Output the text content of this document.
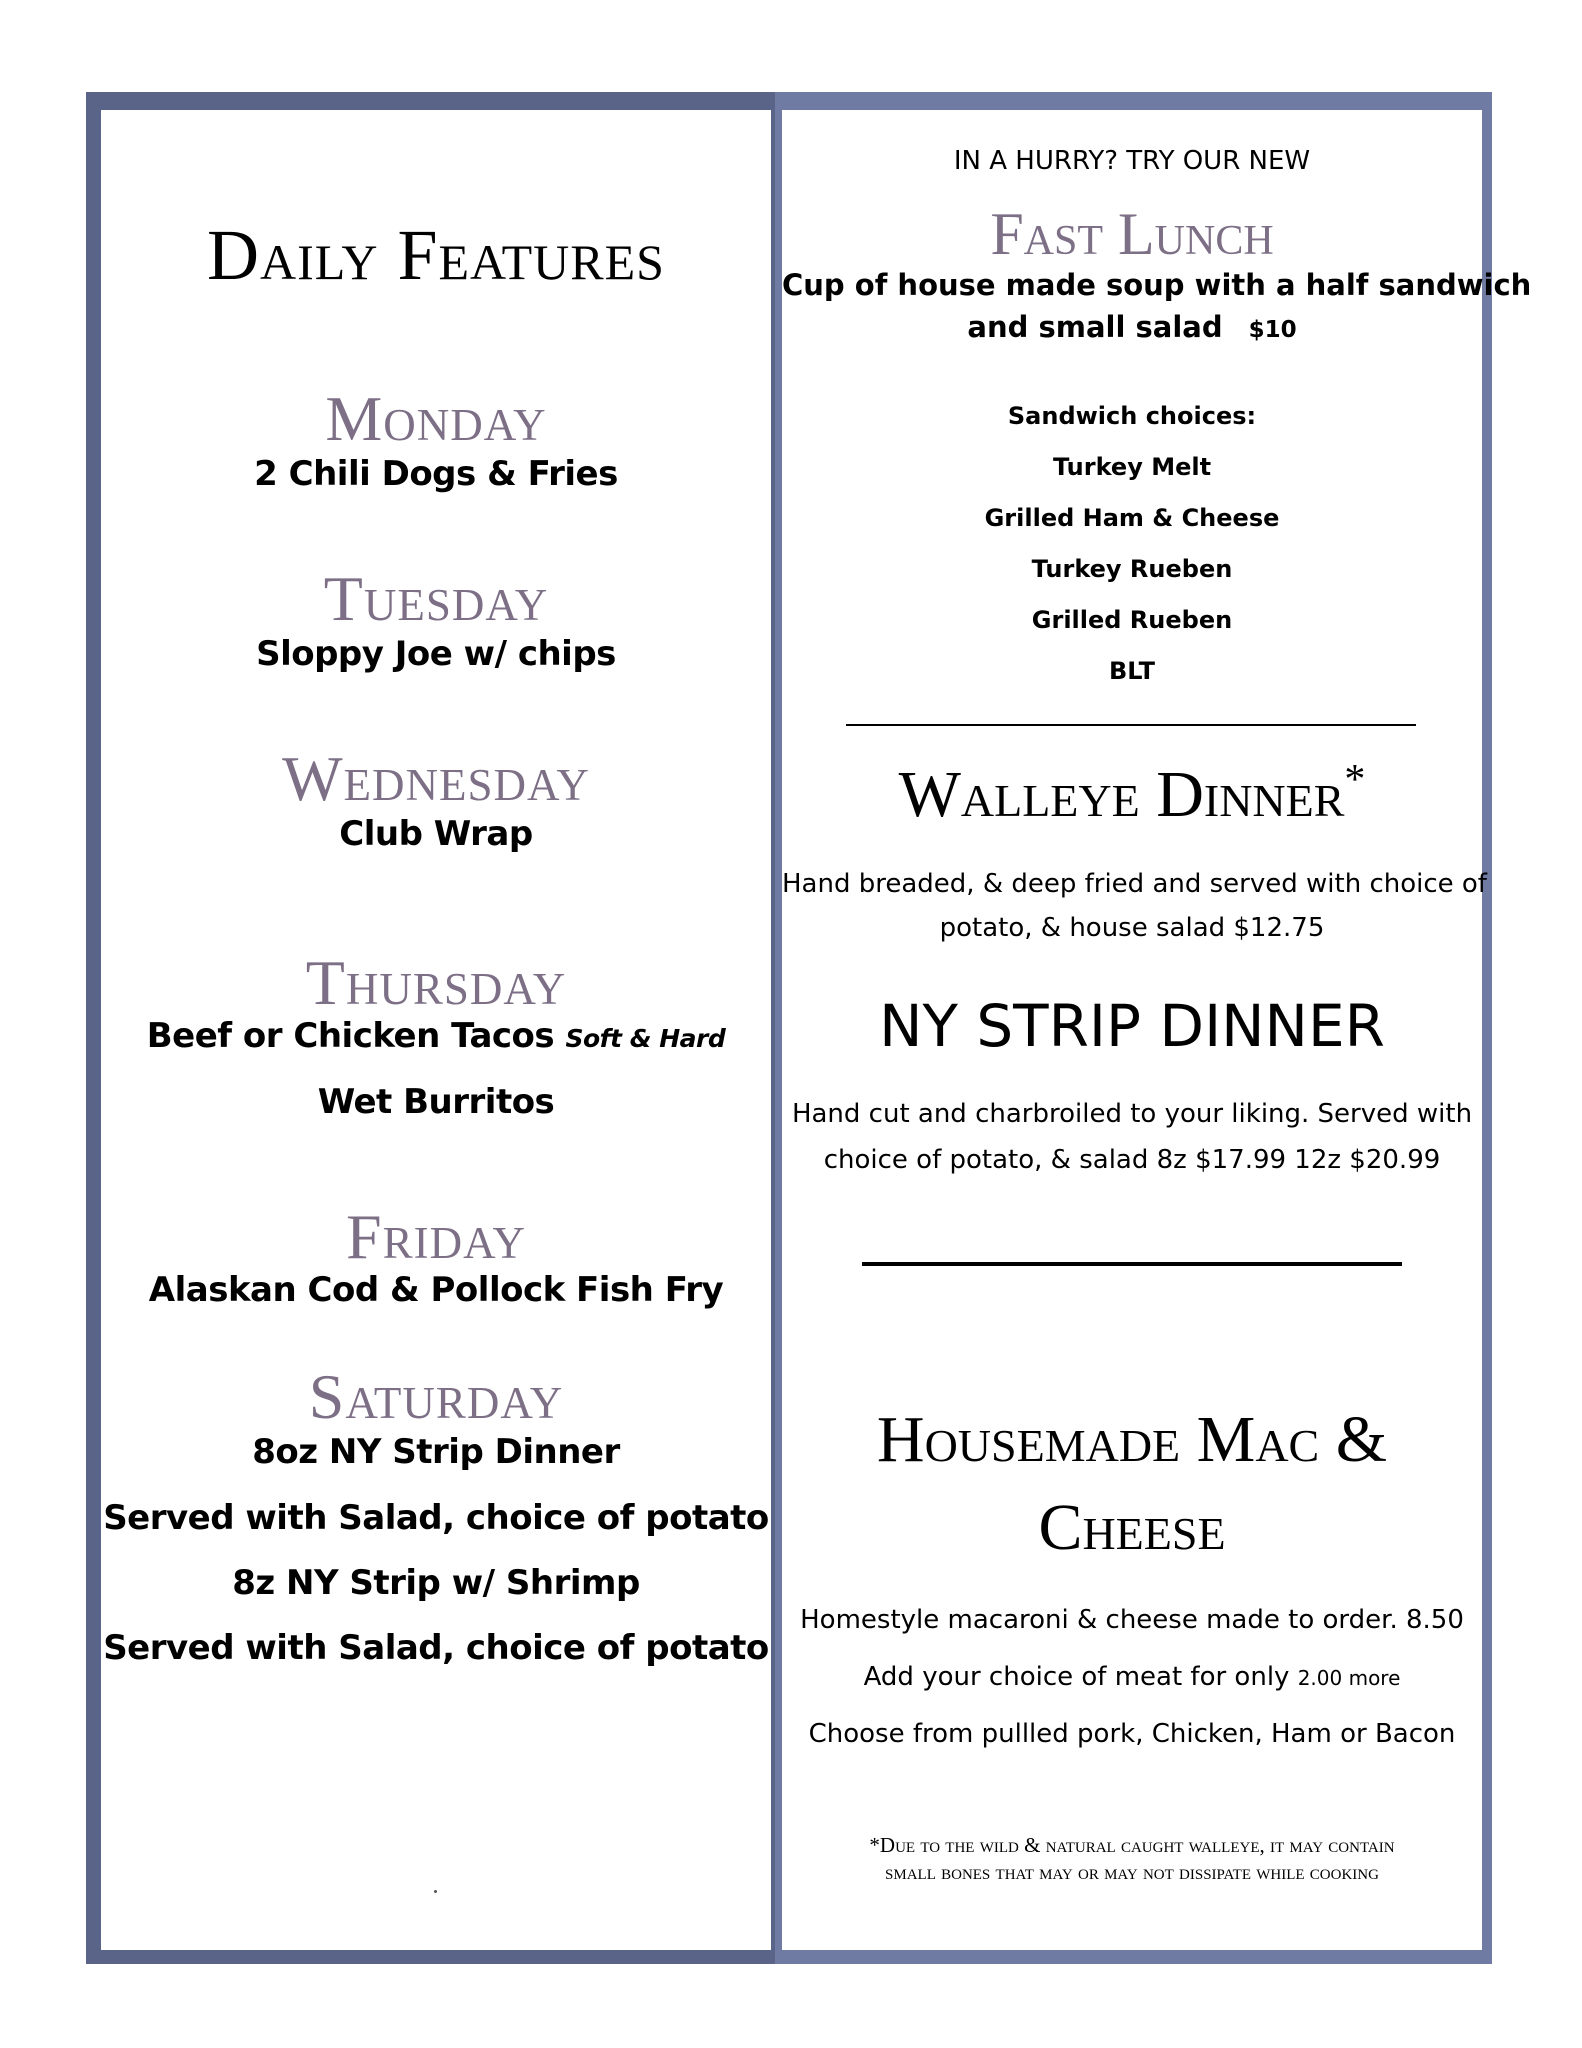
Daily Features
Monday
2 Chili Dogs & Fries
Tuesday
Sloppy Joe w/ chips
Wednesday
Club Wrap
Thursday
Beef or Chicken Tacos Soft & Hard
Wet Burritos
Friday
Alaskan Cod & Pollock Fish Fry
Saturday
8oz NY Strip Dinner
Served with Salad, choice of potato
8z NY Strip w/ Shrimp
Served with Salad, choice of potato
IN A HURRY? TRY OUR NEW
Fast Lunch
Cup of house made soup with a half sandwich
and small salad $10
Sandwich choices:
Turkey Melt
Grilled Ham & Cheese
Turkey Rueben
Grilled Rueben
BLT
Walleye Dinner*
Hand breaded, & deep fried and served with choice of
potato, & house salad $12.75
NY STRIP DINNER
Hand cut and charbroiled to your liking. Served with
choice of potato, & salad 8z $17.99 12z $20.99
Housemade Mac &
Cheese
Homestyle macaroni & cheese made to order. 8.50
Add your choice of meat for only 2.00 more
Choose from pullled pork, Chicken, Ham or Bacon
*Due to the wild & natural caught walleye, it may contain
small bones that may or may not dissipate while cooking
